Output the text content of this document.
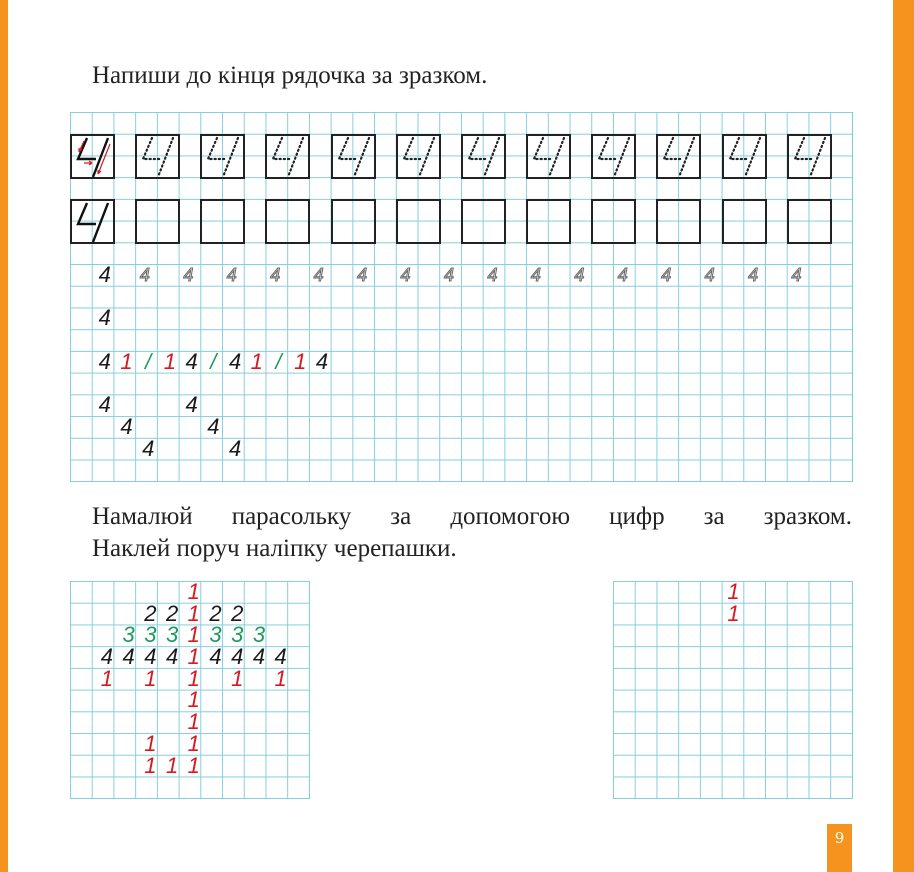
Напиши до кінця рядочка за зразком.
4	4	4	4	4	4	4	4	4	4	4	4	4	4	4	4	4
4
4 1 / 1 4 / 4 1 / 1 4
4
4
4
4
4
4
Намалюй парасольку за допомогою цифр за зразком.
Наклей поруч наліпку черепашки.
1
2 2 1 2 2
3 3 3 1 3 3 3
4 4 4 4 1 4 4 4 4
1 1 1 1 1
1
1
1 1
1 1 1
1
1
9
